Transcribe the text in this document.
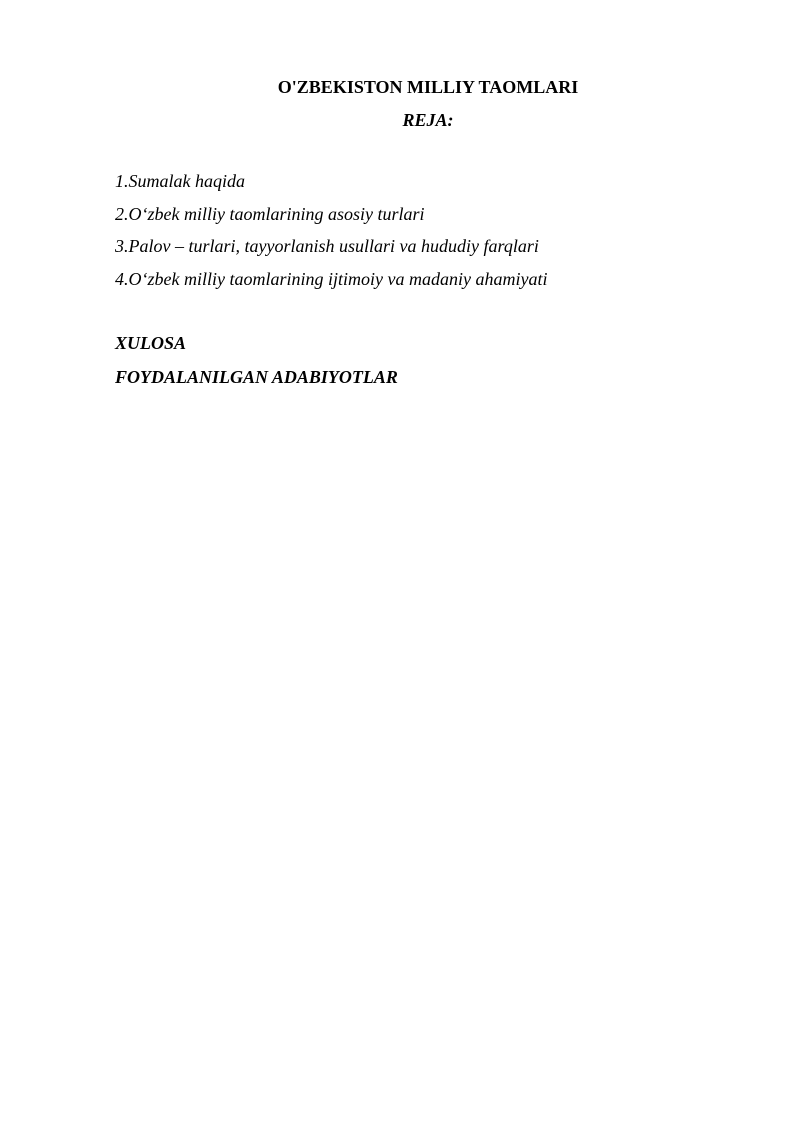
O'ZBEKISTON MILLIY TAOMLARI
REJA:
1.Sumalak haqida
2.O‘zbek milliy taomlarining asosiy turlari
3.Palov – turlari, tayyorlanish usullari va hududiy farqlari
4.O‘zbek milliy taomlarining ijtimoiy va madaniy ahamiyati
XULOSA
FOYDALANILGAN ADABIYOTLAR
